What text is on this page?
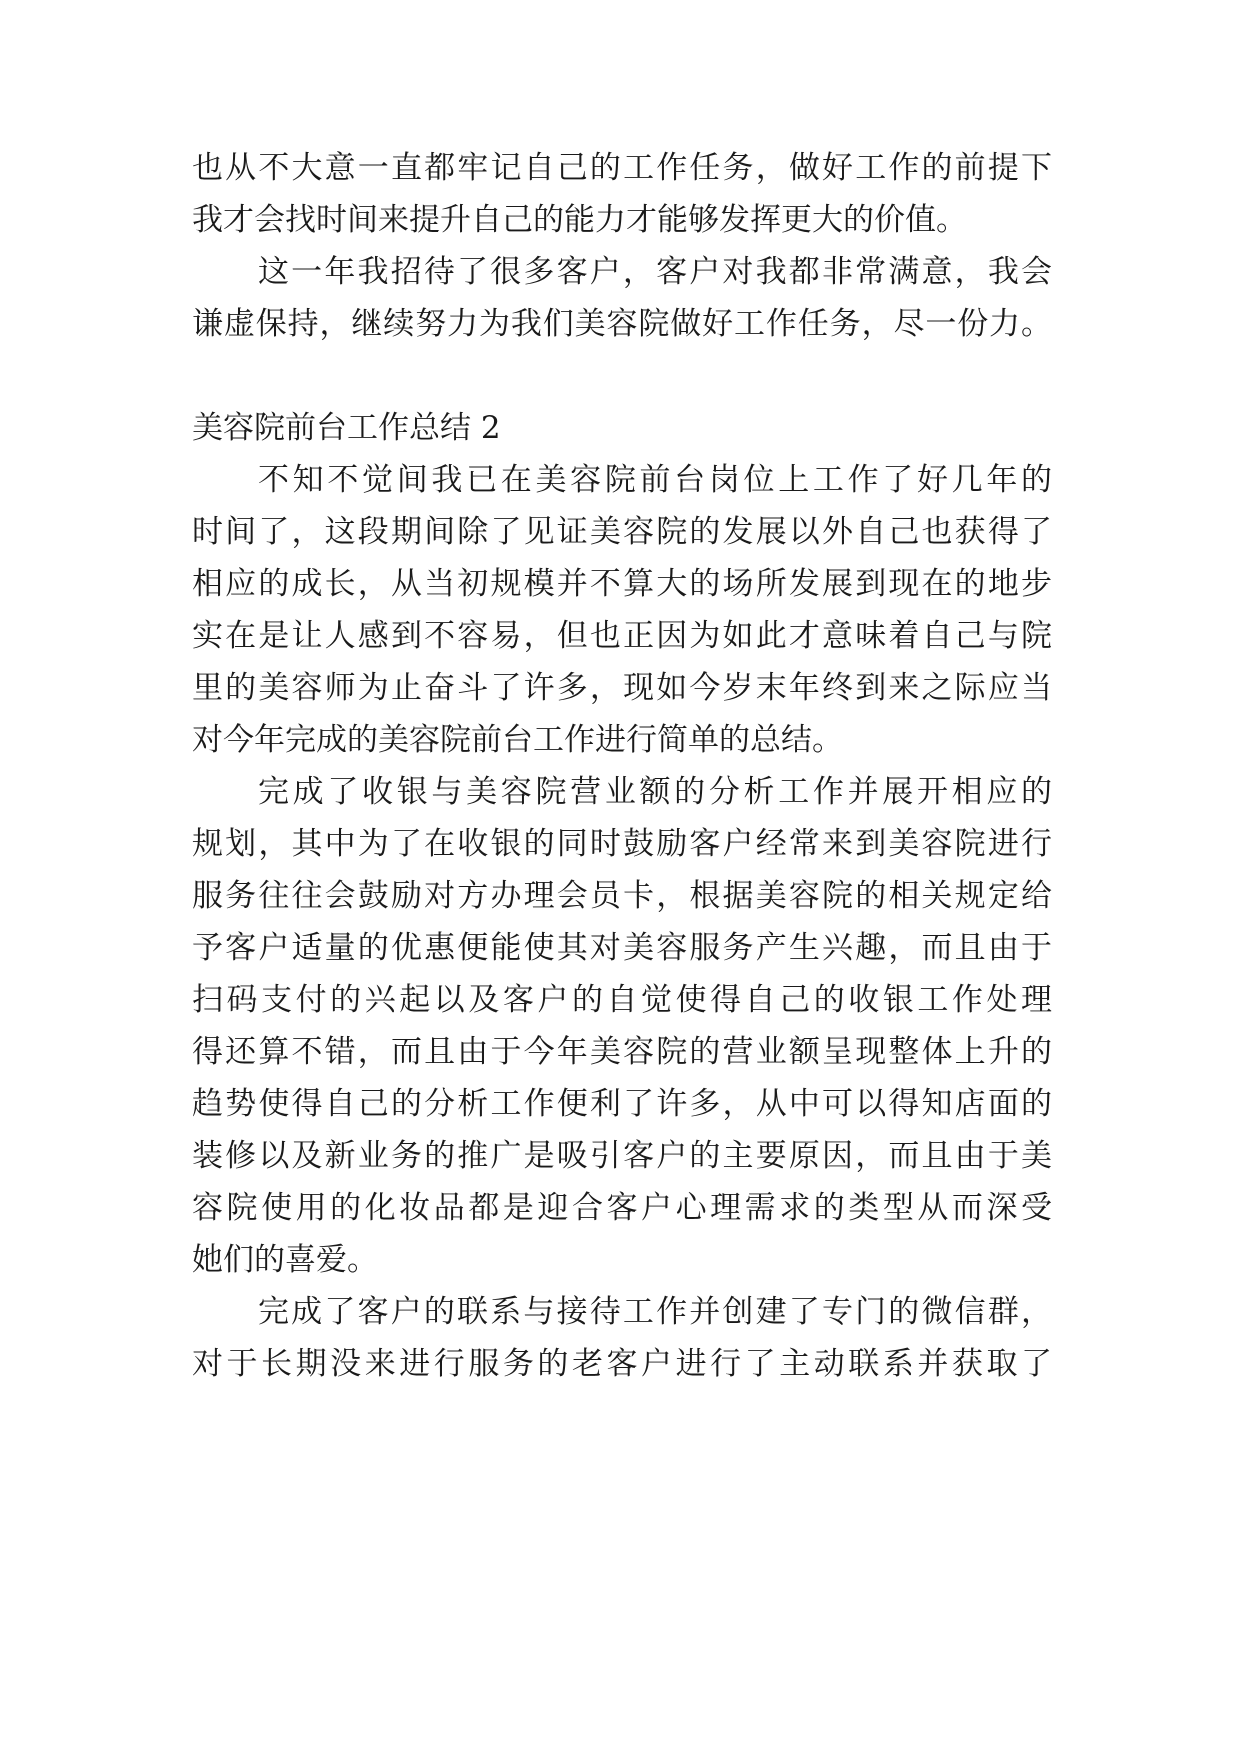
也从不大意一直都牢记自己的工作任务，做好工作的前提下
我才会找时间来提升自己的能力才能够发挥更大的价值。
这一年我招待了很多客户，客户对我都非常满意，我会
谦虚保持，继续努力为我们美容院做好工作任务，尽一份力。
美容院前台工作总结 2
不知不觉间我已在美容院前台岗位上工作了好几年的
时间了，这段期间除了见证美容院的发展以外自己也获得了
相应的成长，从当初规模并不算大的场所发展到现在的地步
实在是让人感到不容易，但也正因为如此才意味着自己与院
里的美容师为止奋斗了许多，现如今岁末年终到来之际应当
对今年完成的美容院前台工作进行简单的总结。
完成了收银与美容院营业额的分析工作并展开相应的
规划，其中为了在收银的同时鼓励客户经常来到美容院进行
服务往往会鼓励对方办理会员卡，根据美容院的相关规定给
予客户适量的优惠便能使其对美容服务产生兴趣，而且由于
扫码支付的兴起以及客户的自觉使得自己的收银工作处理
得还算不错，而且由于今年美容院的营业额呈现整体上升的
趋势使得自己的分析工作便利了许多，从中可以得知店面的
装修以及新业务的推广是吸引客户的主要原因，而且由于美
容院使用的化妆品都是迎合客户心理需求的类型从而深受
她们的喜爱。
完成了客户的联系与接待工作并创建了专门的微信群，
对于长期没来进行服务的老客户进行了主动联系并获取了
